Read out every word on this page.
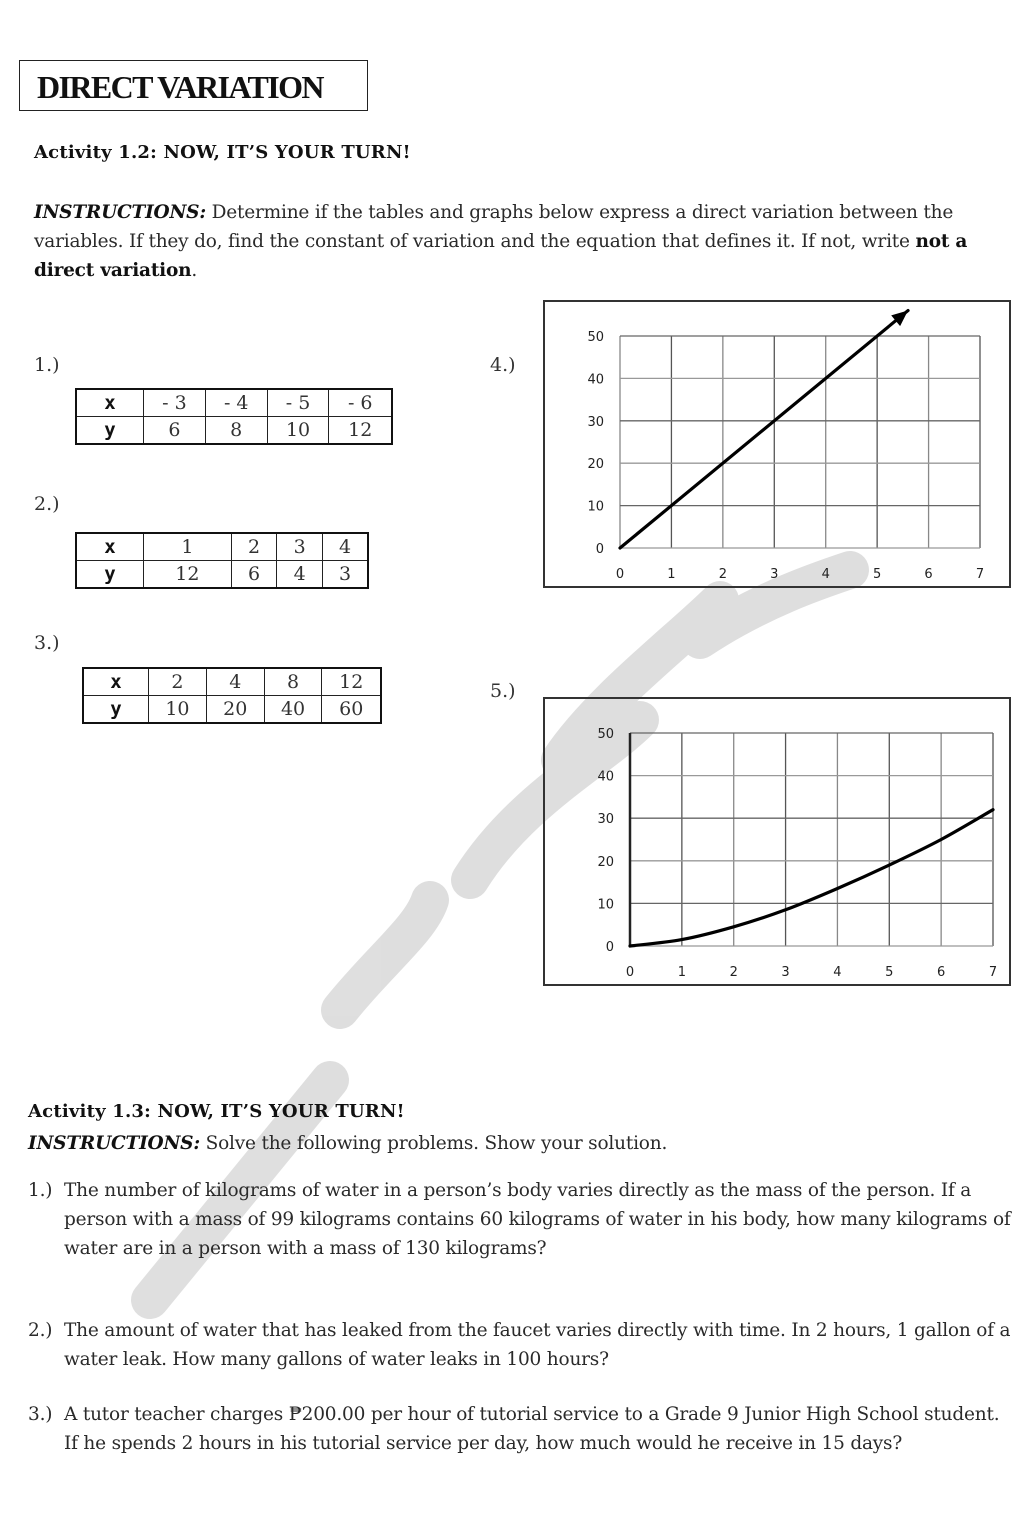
DIRECT VARIATION
Activity 1.2: NOW, IT’S YOUR TURN!
INSTRUCTIONS: Determine if the tables and graphs below express a direct variation between the variables. If they do, find the constant of variation and the equation that defines it. If not, write not a direct variation.
1.)
x	- 3	- 4	- 5	- 6
y	6	8	10	12
2.)
x	1	2	3	4
y	12	6	4	3
3.)
x	2	4	8	12
y	10	20	40	60
4.)
0	1	2	3	4	5	6	7
0
10
20
30
40
50
5.)
0	1	2	3	4	5	6	7
0
10
20
30
40
50
Activity 1.3: NOW, IT’S YOUR TURN!
INSTRUCTIONS: Solve the following problems. Show your solution.
1.) The number of kilograms of water in a person’s body varies directly as the mass of the person. If a person with a mass of 99 kilograms contains 60 kilograms of water in his body, how many kilograms of water are in a person with a mass of 130 kilograms?
2.) The amount of water that has leaked from the faucet varies directly with time. In 2 hours, 1 gallon of a water leak. How many gallons of water leaks in 100 hours?
3.) A tutor teacher charges ₱200.00 per hour of tutorial service to a Grade 9 Junior High School student. If he spends 2 hours in his tutorial service per day, how much would he receive in 15 days?
